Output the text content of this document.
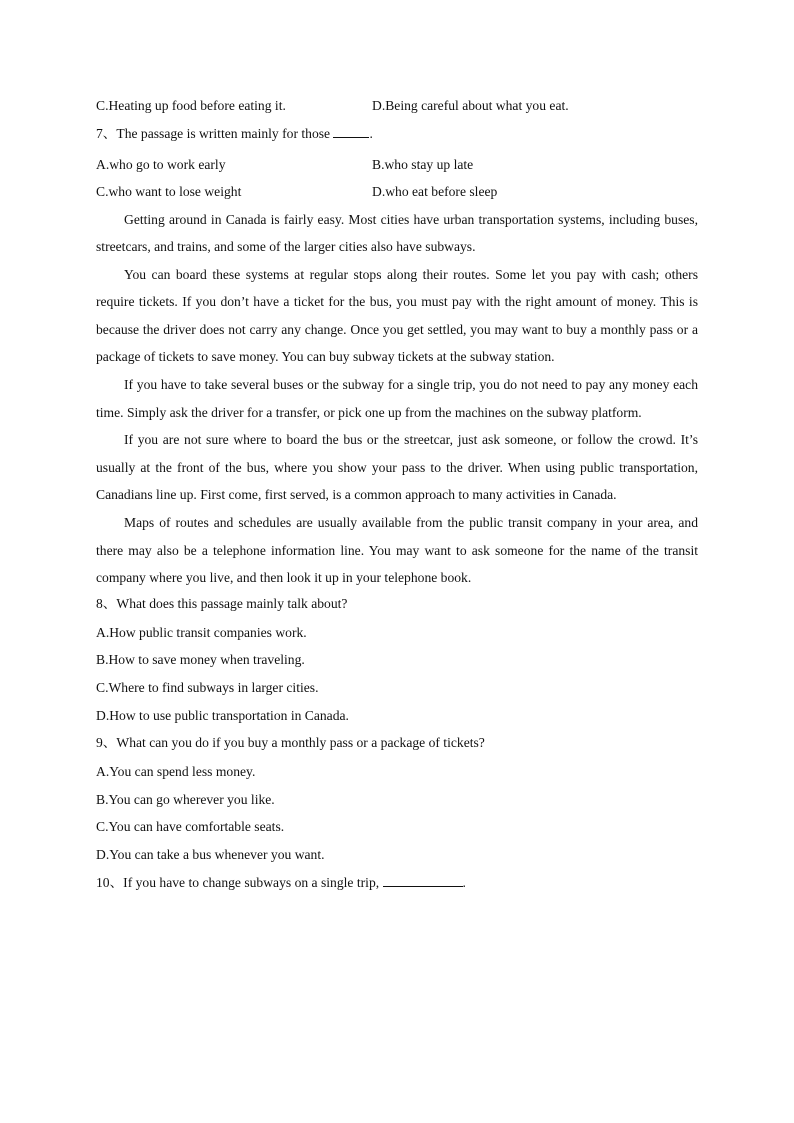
C.Heating up food before eating it.	D.Being careful about what you eat.
7、The passage is written mainly for those	.
A.who go to work early	B.who stay up late
C.who want to lose weight	D.who eat before sleep

Getting around in Canada is fairly easy. Most cities have urban transportation systems, including buses, streetcars, and trains, and some of the larger cities also have subways.

You can board these systems at regular stops along their routes. Some let you pay with cash; others require tickets. If you don’t have a ticket for the bus, you must pay with the right amount of money. This is because the driver does not carry any change. Once you get settled, you may want to buy a monthly pass or a package of tickets to save money. You can buy subway tickets at the subway station.

If you have to take several buses or the subway for a single trip, you do not need to pay any money each time. Simply ask the driver for a transfer, or pick one up from the machines on the subway platform.

If you are not sure where to board the bus or the streetcar, just ask someone, or follow the crowd. It’s usually at the front of the bus, where you show your pass to the driver. When using public transportation, Canadians line up. First come, first served, is a common approach to many activities in Canada.

Maps of routes and schedules are usually available from the public transit company in your area, and there may also be a telephone information line. You may want to ask someone for the name of the transit company where you live, and then look it up in your telephone book.

8、What does this passage mainly talk about?
A.How public transit companies work.
B.How to save money when traveling.
C.Where to find subways in larger cities.
D.How to use public transportation in Canada.
9、What can you do if you buy a monthly pass or a package of tickets?
A.You can spend less money.
B.You can go wherever you like.
C.You can have comfortable seats.
D.You can take a bus whenever you want.
10、If you have to change subways on a single trip,	.
